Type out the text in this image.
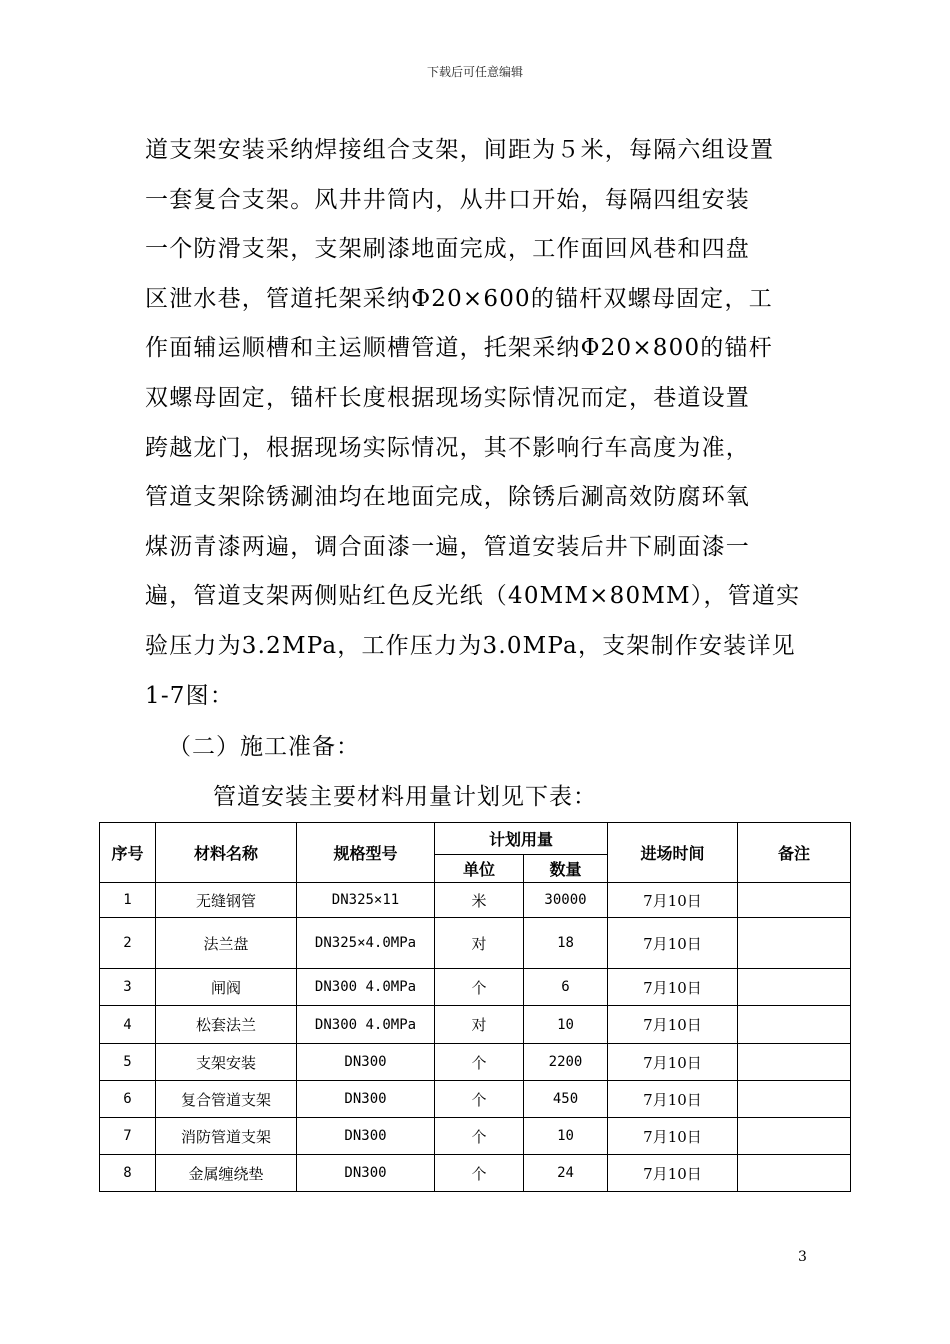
下载后可任意编辑
道支架安装采纳焊接组合支架，间距为５米，每隔六组设置
一套复合支架。风井井筒内，从井口开始，每隔四组安装
一个防滑支架，支架刷漆地面完成，工作面回风巷和四盘
区泄水巷，管道托架采纳Φ20×600的锚杆双螺母固定，工
作面辅运顺槽和主运顺槽管道，托架采纳Φ20×800的锚杆
双螺母固定，锚杆长度根据现场实际情况而定，巷道设置
跨越龙门，根据现场实际情况，其不影响行车高度为准，
管道支架除锈涮油均在地面完成，除锈后涮高效防腐环氧
煤沥青漆两遍，调合面漆一遍，管道安装后井下刷面漆一
遍，管道支架两侧贴红色反光纸（40MM×80MM），管道实
验压力为3.2MPa，工作压力为3.0MPa，支架制作安装详见
1-7图：
（二）施工准备：
管道安装主要材料用量计划见下表：
序号	材料名称	规格型号	计划用量		进场时间	备注
			单位	数量		
1	无缝钢管	DN325×11	米	30000	7月10日	
2	法兰盘	DN325×4.0MPa	对	18	7月10日	
3	闸阀	DN300 4.0MPa	个	6	7月10日	
4	松套法兰	DN300 4.0MPa	对	10	7月10日	
5	支架安装	DN300	个	2200	7月10日	
6	复合管道支架	DN300	个	450	7月10日	
7	消防管道支架	DN300	个	10	7月10日	
8	金属缠绕垫	DN300	个	24	7月10日	
3
